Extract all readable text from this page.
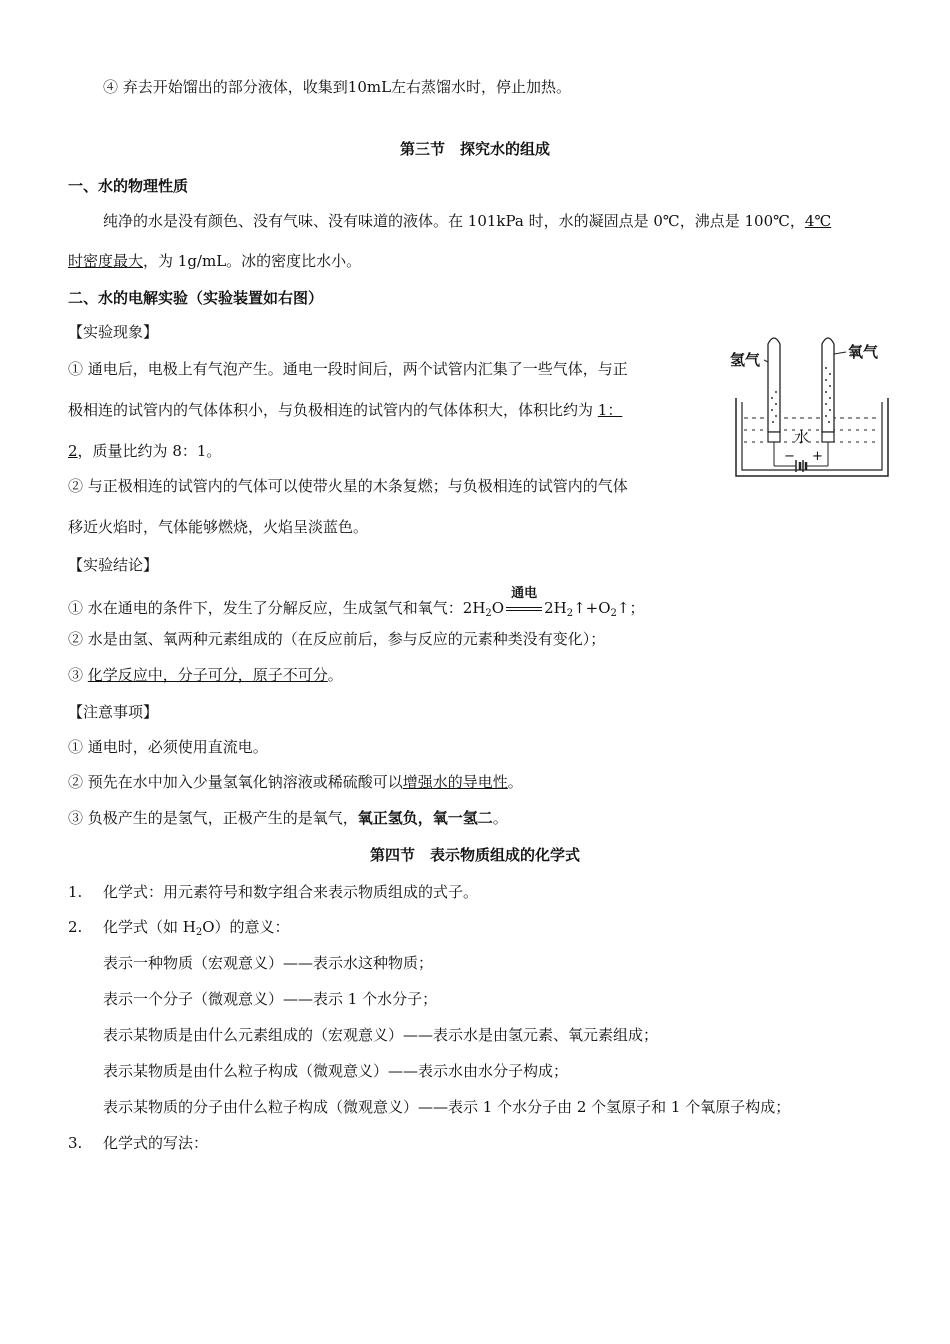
④ 弃去开始馏出的部分液体，收集到10mL左右蒸馏水时，停止加热。
第三节　探究水的组成
一、水的物理性质
纯净的水是没有颜色、没有气味、没有味道的液体。在 101kPa 时，水的凝固点是 0℃，沸点是 100℃，4℃
时密度最大，为 1g/mL。冰的密度比水小。
二、水的电解实验（实验装置如右图）
【实验现象】
① 通电后，电极上有气泡产生。通电一段时间后，两个试管内汇集了一些气体，与正
极相连的试管内的气体体积小，与负极相连的试管内的气体体积大，体积比约为 1：
2，质量比约为 8：1。
② 与正极相连的试管内的气体可以使带火星的木条复燃；与负极相连的试管内的气体
移近火焰时，气体能够燃烧，火焰呈淡蓝色。
氢气	氧气
水
− +
【实验结论】
① 水在通电的条件下，发生了分解反应，生成氢气和氧气：$2H_2O$
通电
$2H_2↑+O_2↑$；
② 水是由氢、氧两种元素组成的（在反应前后，参与反应的元素种类没有变化）；
③ 化学反应中，分子可分，原子不可分。
【注意事项】
① 通电时，必须使用直流电。
② 预先在水中加入少量氢氧化钠溶液或稀硫酸可以增强水的导电性。
③ 负极产生的是氢气，正极产生的是氧气，氧正氢负，氧一氢二。
第四节　表示物质组成的化学式
1. 化学式：用元素符号和数字组合来表示物质组成的式子。
2. 化学式（如 $H_2O$）的意义：
表示一种物质（宏观意义）——表示水这种物质；
表示一个分子（微观意义）——表示 1 个水分子；
表示某物质是由什么元素组成的（宏观意义）——表示水是由氢元素、氧元素组成；
表示某物质是由什么粒子构成（微观意义）——表示水由水分子构成；
表示某物质的分子由什么粒子构成（微观意义）——表示 1 个水分子由 2 个氢原子和 1 个氧原子构成；
3. 化学式的写法：
